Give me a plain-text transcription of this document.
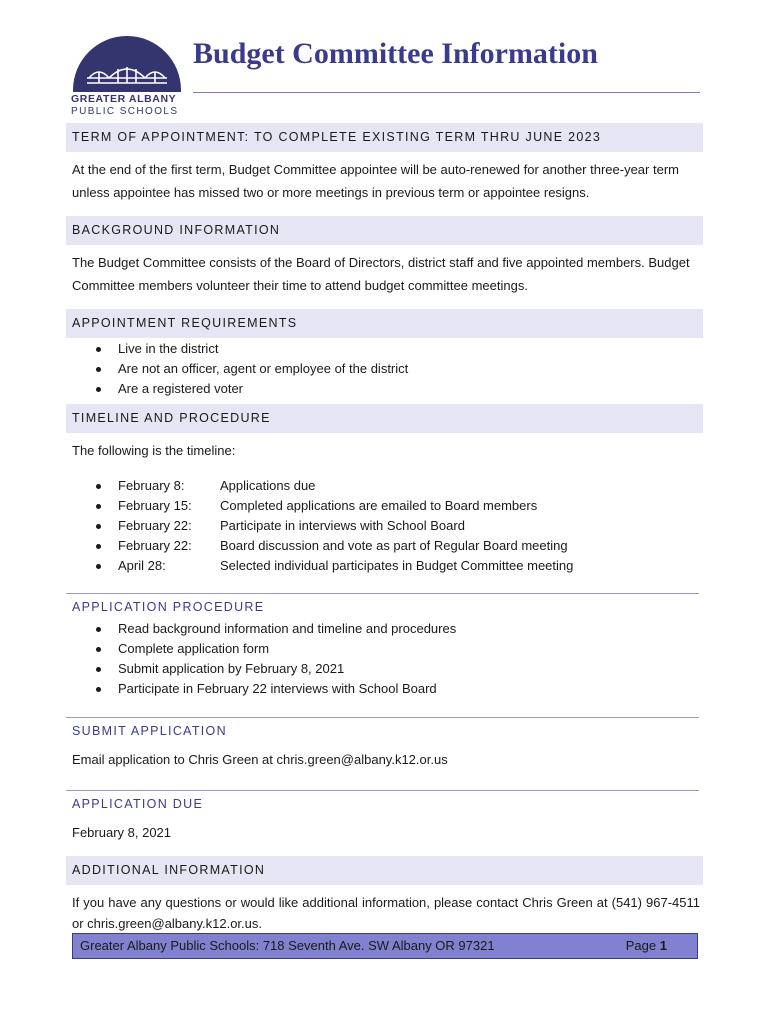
GREATER ALBANY
PUBLIC SCHOOLS
Budget Committee Information
TERM OF APPOINTMENT: TO COMPLETE EXISTING TERM THRU JUNE 2023

At the end of the first term, Budget Committee appointee will be auto-renewed for another three-year term unless appointee has missed two or more meetings in previous term or appointee resigns.

BACKGROUND INFORMATION

The Budget Committee consists of the Board of Directors, district staff and five appointed members. Budget Committee members volunteer their time to attend budget committee meetings.

APPOINTMENT REQUIREMENTS
Live in the district
Are not an officer, agent or employee of the district
Are a registered voter
TIMELINE AND PROCEDURE

The following is the timeline:

February 8:	Applications due
February 15: Completed applications are emailed to Board members
February 22: Participate in interviews with School Board
February 22: Board discussion and vote as part of Regular Board meeting
April 28:	Selected individual participates in Budget Committee meeting
APPLICATION PROCEDURE
Read background information and timeline and procedures
Complete application form
Submit application by February 8, 2021
Participate in February 22 interviews with School Board
SUBMIT APPLICATION

Email application to Chris Green at chris.green@albany.k12.or.us

APPLICATION DUE

February 8, 2021

ADDITIONAL INFORMATION

If you have any questions or would like additional information, please contact Chris Green at (541) 967-4511 or chris.green@albany.k12.or.us.

Greater Albany Public Schools: 718 Seventh Ave. SW Albany OR 97321	Page 1
